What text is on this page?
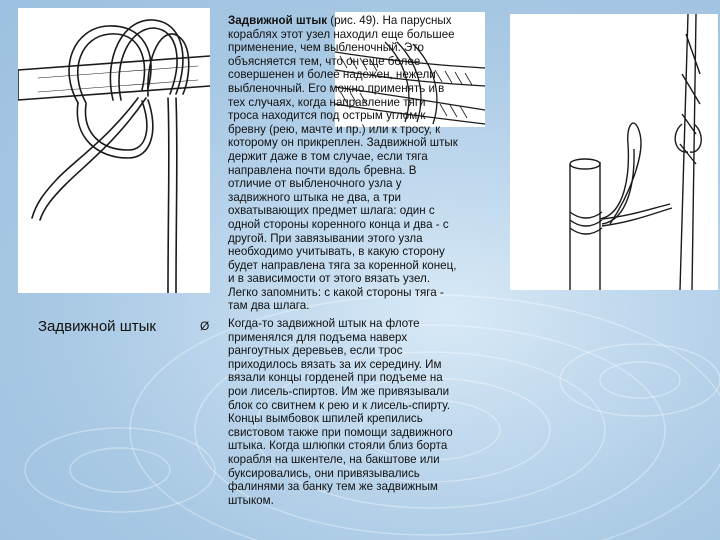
Задвижной штык (рис. 49). На парусных
кораблях этот узел находил еще большее
применение, чем выбленочный. Это
объясняется тем, что он еще более
совершенен и более надежен, нежели
выбленочный. Его можно применять и в
тех случаях, когда направление тяги
троса находится под острым углом к
бревну (рею, мачте и пр.) или к тросу, к
которому он прикреплен. Задвижной штык
держит даже в том случае, если тяга
направлена почти вдоль бревна. В
отличие от выбленочного узла у
задвижного штыка не два, а три
охватывающих предмет шлага: один с
одной стороны коренного конца и два - с
другой. При завязывании этого узла
необходимо учитывать, в какую сторону
будет направлена тяга за коренной конец,
и в зависимости от этого вязать узел.
Легко запомнить: с какой стороны тяга -
там два шлага.
Задвижной штык	Ø Когда-то задвижной штык на флоте
применялся для подъема наверх
рангоутных деревьев, если трос
приходилось вязать за их середину. Им
вязали концы горденей при подъеме на
рои лисель-спиртов. Им же привязывали
блок со свитнем к рею и к лисель-спирту.
Концы вымбовок шпилей крепились
свистовом также при помощи задвижного
штыка. Когда шлюпки стояли близ борта
корабля на шкентеле, на бакштове или
буксировались, они привязывались
фалинями за банку тем же задвижным
штыком.
